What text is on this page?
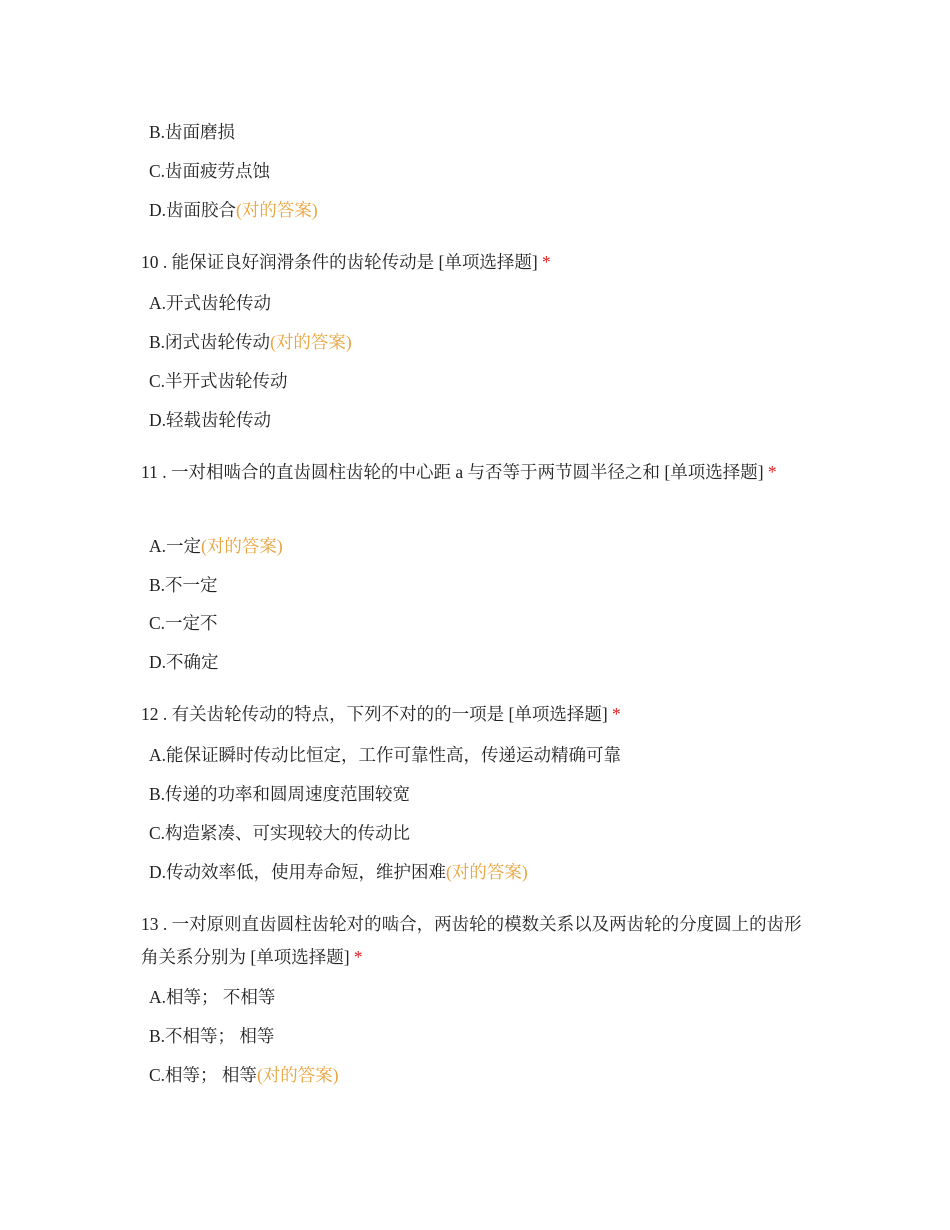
B.齿面磨损
C.齿面疲劳点蚀
D.齿面胶合(对的答案)
10 . 能保证良好润滑条件的齿轮传动是 [单项选择题] *
A.开式齿轮传动
B.闭式齿轮传动(对的答案)
C.半开式齿轮传动
D.轻载齿轮传动
11 . 一对相啮合的直齿圆柱齿轮的中心距 a 与否等于两节圆半径之和 [单项选择题] *
A.一定(对的答案)
B.不一定
C.一定不
D.不确定
12 . 有关齿轮传动的特点，下列不对的的一项是 [单项选择题] *
A.能保证瞬时传动比恒定，工作可靠性高，传递运动精确可靠
B.传递的功率和圆周速度范围较宽
C.构造紧凑、可实现较大的传动比
D.传动效率低，使用寿命短，维护困难(对的答案)
13 . 一对原则直齿圆柱齿轮对的啮合，两齿轮的模数关系以及两齿轮的分度圆上的齿形角关系分别为 [单项选择题] *
A.相等； 不相等
B.不相等； 相等
C.相等； 相等(对的答案)
